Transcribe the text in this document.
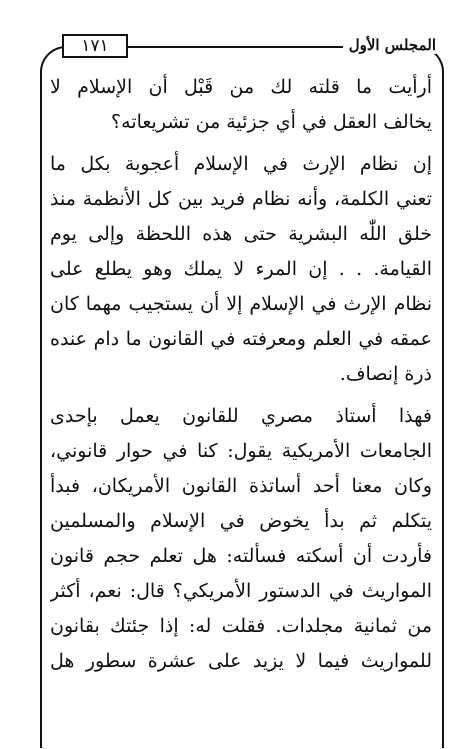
١٧١	المجلس الأول
أرأيت ما قلته لك من قَبْل أن الإسلام لا
يخالف العقل في أي جزئية من تشريعاته؟
إن نظام الإرث في الإسلام أعجوبة بكل ما
تعني الكلمة، وأنه نظام فريد بين كل الأنظمة منذ
خلق اللّٰه البشرية حتى هذه اللحظة وإلى يوم
القيامة. . . إن المرء لا يملك وهو يطلع على
نظام الإرث في الإسلام إلا أن يستجيب مهما كان
عمقه في العلم ومعرفته في القانون ما دام عنده
ذرة إنصاف.
فهذا أستاذ مصري للقانون يعمل بإحدى
الجامعات الأمريكية يقول: كنا في حوار قانوني،
وكان معنا أحد أساتذة القانون الأمريكان، فبدأ
يتكلم ثم بدأ يخوض في الإسلام والمسلمين
فأردت أن أسكته فسألته: هل تعلم حجم قانون
المواريث في الدستور الأمريكي؟ قال: نعم، أكثر
من ثمانية مجلدات. فقلت له: إذا جئتك بقانون
للمواريث فيما لا يزيد على عشرة سطور هل
